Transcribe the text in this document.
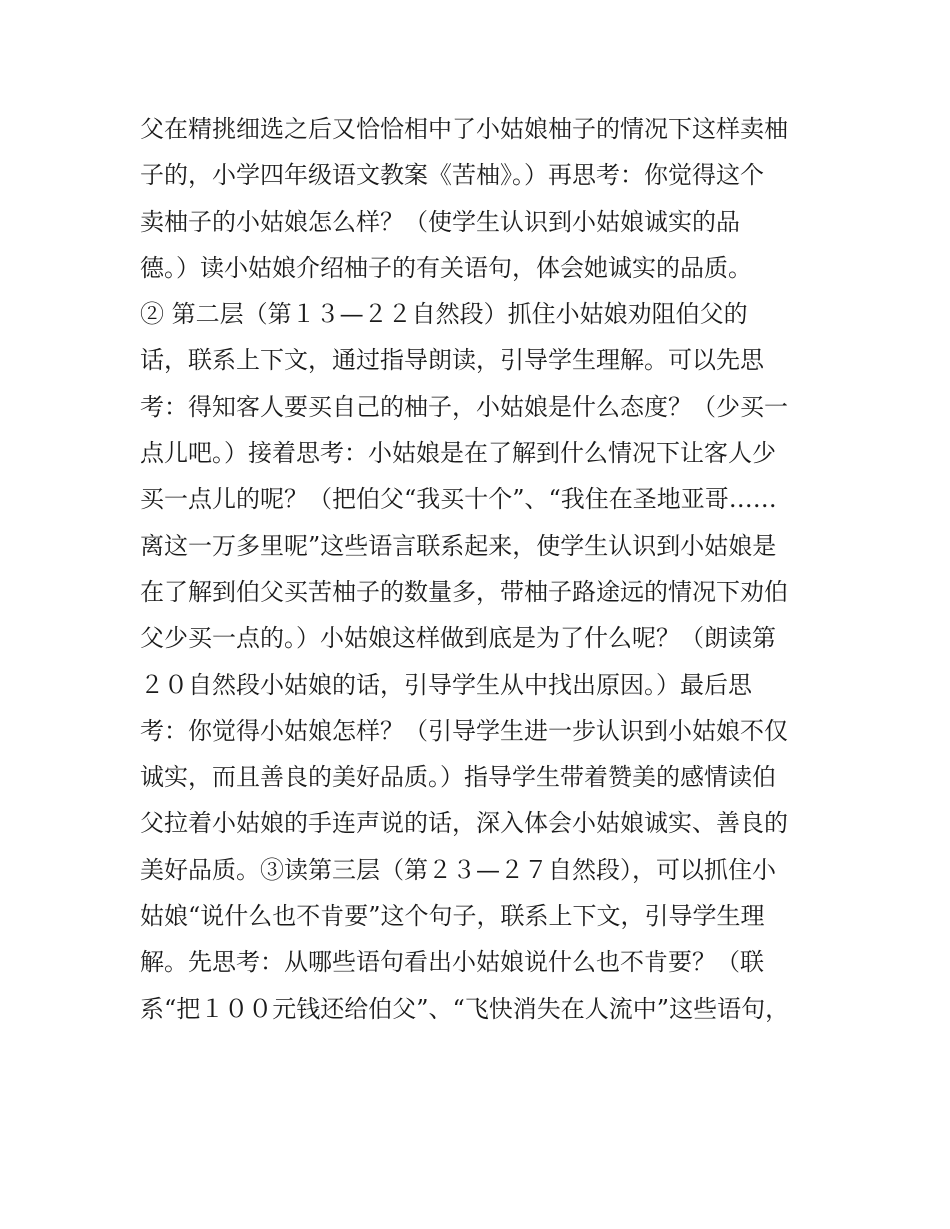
父在精挑细选之后又恰恰相中了小姑娘柚子的情况下这样卖柚
子的，小学四年级语文教案《苦柚》。）再思考：你觉得这个
卖柚子的小姑娘怎么样？（使学生认识到小姑娘诚实的品
德。）读小姑娘介绍柚子的有关语句，体会她诚实的品质。
② 第二层（第１３—２２自然段）抓住小姑娘劝阻伯父的
话，联系上下文，通过指导朗读，引导学生理解。可以先思
考：得知客人要买自己的柚子，小姑娘是什么态度？（少买一
点儿吧。）接着思考：小姑娘是在了解到什么情况下让客人少
买一点儿的呢？（把伯父“我买十个”、“我住在圣地亚哥……
离这一万多里呢”这些语言联系起来，使学生认识到小姑娘是
在了解到伯父买苦柚子的数量多，带柚子路途远的情况下劝伯
父少买一点的。）小姑娘这样做到底是为了什么呢？（朗读第
２０自然段小姑娘的话，引导学生从中找出原因。）最后思
考：你觉得小姑娘怎样？（引导学生进一步认识到小姑娘不仅
诚实，而且善良的美好品质。）指导学生带着赞美的感情读伯
父拉着小姑娘的手连声说的话，深入体会小姑娘诚实、善良的
美好品质。③读第三层（第２３—２７自然段），可以抓住小
姑娘“说什么也不肯要”这个句子，联系上下文，引导学生理
解。先思考：从哪些语句看出小姑娘说什么也不肯要？（联
系“把１００元钱还给伯父”、“飞快消失在人流中”这些语句，
